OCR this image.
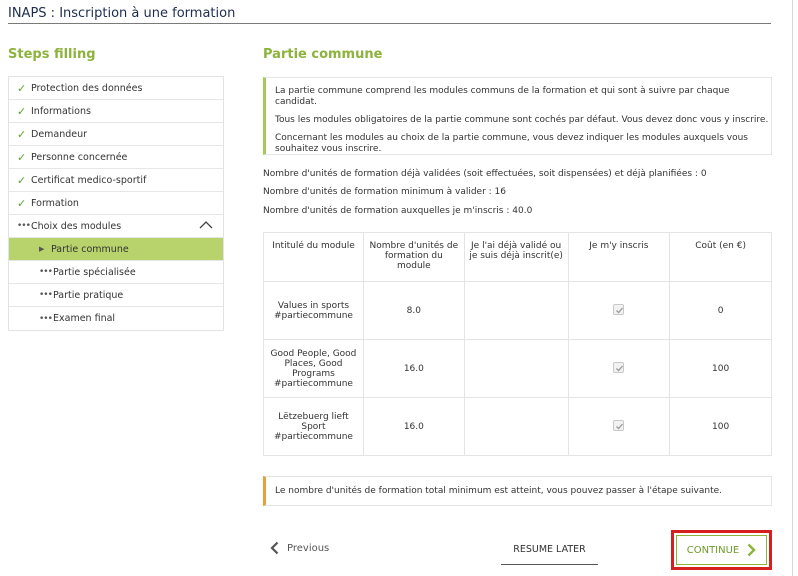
INAPS : Inscription à une formation
Steps filling	Partie commune
✓ Protection des données
✓ Informations
✓ Demandeur
✓ Personne concernée
✓ Certificat medico-sportif
✓ Formation
••• Choix des modules
▶ Partie commune
••• Partie spécialisée
••• Partie pratique
••• Examen final

La partie commune comprend les modules communs de la formation et qui sont à suivre par chaque candidat.

Tous les modules obligatoires de la partie commune sont cochés par défaut. Vous devez donc vous y inscrire.

Concernant les modules au choix de la partie commune, vous devez indiquer les modules auxquels vous souhaitez vous inscrire.

Nombre d'unités de formation déjà validées (soit effectuées, soit dispensées) et déjà planifiées : 0
Nombre d'unités de formation minimum à valider : 16
Nombre d'unités de formation auxquelles je m'inscris : 40.0
Intitulé du module	Nombre d'unités de formation du module	Je l'ai déjà validé ou je suis déjà inscrit(e)	Je m'y inscris	Coût (en €)
Values in sports #partiecommune	8.0			0
Good People, Good Places, Good Programs #partiecommune	16.0			100
Lëtzebuerg lieft Sport #partiecommune	16.0			100
Le nombre d'unités de formation total minimum est atteint, vous pouvez passer à l'étape suivante.
Previous	RESUME LATER	CONTINUE
